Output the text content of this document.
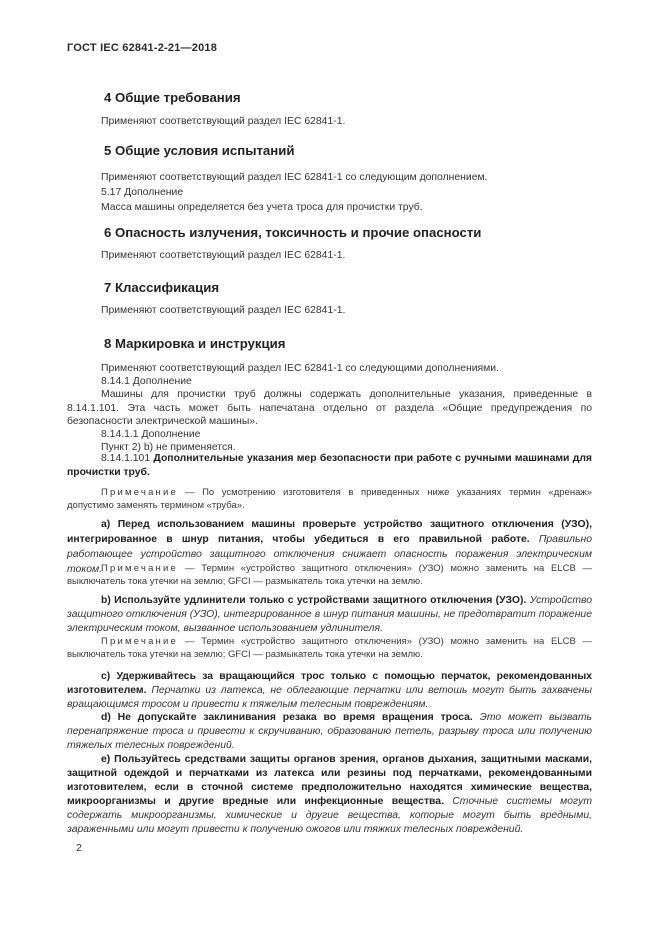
ГОСТ IEC 62841-2-21—2018
4 Общие требования

Применяют соответствующий раздел IEC 62841-1.

5 Общие условия испытаний

Применяют соответствующий раздел IEC 62841-1 со следующим дополнением.

5.17 Дополнение

Масса машины определяется без учета троса для прочистки труб.

6 Опасность излучения, токсичность и прочие опасности

Применяют соответствующий раздел IEC 62841-1.

7 Классификация

Применяют соответствующий раздел IEC 62841-1.

8 Маркировка и инструкция

Применяют соответствующий раздел IEC 62841-1 со следующими дополнениями.

8.14.1 Дополнение

Машины для прочистки труб должны содержать дополнительные указания, приведенные в 8.14.1.101. Эта часть может быть напечатана отдельно от раздела «Общие предупреждения по безопасности электрической машины».

8.14.1.1 Дополнение

Пункт 2) b) не применяется.

8.14.1.101 Дополнительные указания мер безопасности при работе с ручными машинами для прочистки труб.

Примечание — По усмотрению изготовителя в приведенных ниже указаниях термин «дренаж» допустимо заменять термином «труба».

a) Перед использованием машины проверьте устройство защитного отключения (УЗО), интегрированное в шнур питания, чтобы убедиться в его правильной работе. Правильно работающее устройство защитного отключения снижает опасность поражения электрическим током.

Примечание — Термин «устройство защитного отключения» (УЗО) можно заменить на ELCB — выключатель тока утечки на землю; GFCI — размыкатель тока утечки на землю.

b) Используйте удлинители только с устройствами защитного отключения (УЗО). Устройство защитного отключения (УЗО), интегрированное в шнур питания машины, не предотвратит поражение электрическим током, вызванное использованием удлинителя.

Примечание — Термин «устройство защитного отключения» (УЗО) можно заменить на ELCB — выключатель тока утечки на землю; GFCI — размыкатель тока утечки на землю.

c) Удерживайтесь за вращающийся трос только с помощью перчаток, рекомендованных изготовителем. Перчатки из латекса, не облегающие перчатки или ветошь могут быть захвачены вращающимся тросом и привести к тяжелым телесным повреждениям.

d) Не допускайте заклинивания резака во время вращения троса. Это может вызвать перенапряжение троса и привести к скручиванию, образованию петель, разрыву троса или получению тяжелых телесных повреждений.

e) Пользуйтесь средствами защиты органов зрения, органов дыхания, защитными масками, защитной одеждой и перчатками из латекса или резины под перчатками, рекомендованными изготовителем, если в сточной системе предположительно находятся химические вещества, микроорганизмы и другие вредные или инфекционные вещества. Сточные системы могут содержать микроорганизмы, химические и другие вещества, которые могут быть вредными, зараженными или могут привести к получению ожогов или тяжких телесных повреждений.

2
